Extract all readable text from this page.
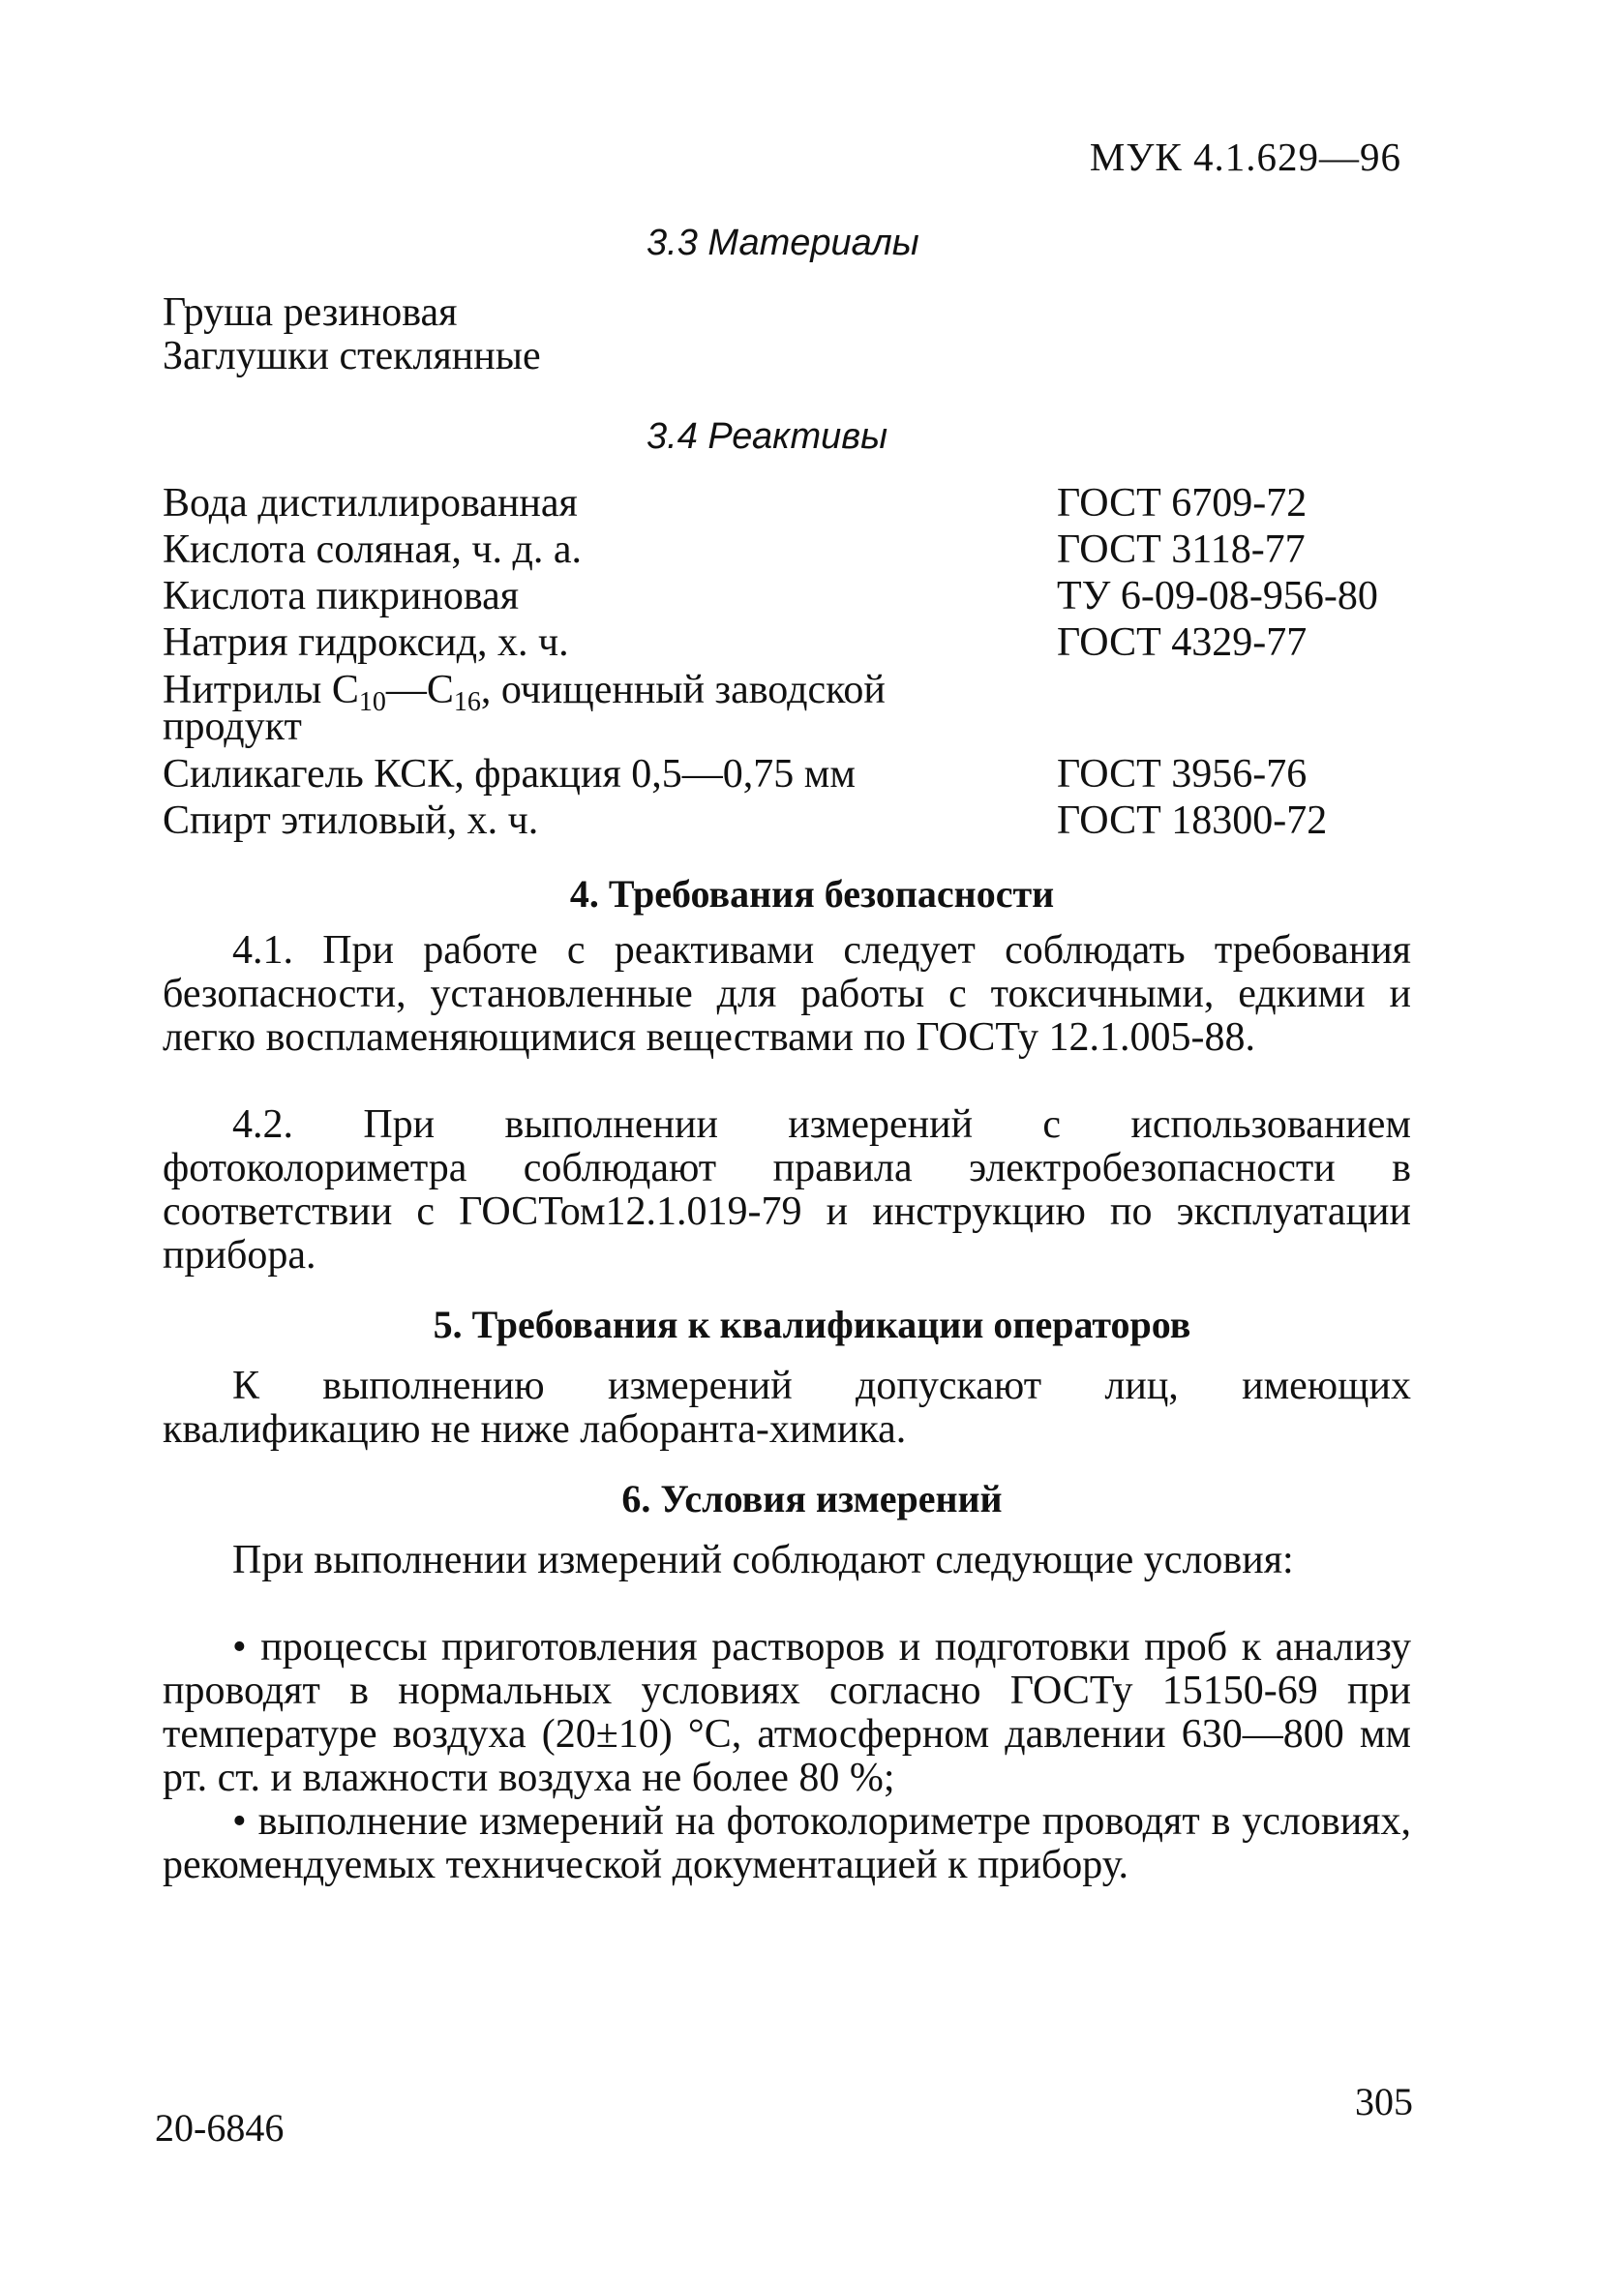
МУК 4.1.629—96
3.3 Материалы
Груша резиновая
Заглушки стеклянные
3.4 Реактивы
Вода дистиллированная	ГОСТ 6709-72
Кислота соляная, ч. д. а.	ГОСТ 3118-77
Кислота пикриновая	ТУ 6-09-08-956-80
Натрия гидроксид, х. ч.	ГОСТ 4329-77
Нитрилы С10—С16, очищенный заводской
продукт
Силикагель КСК, фракция 0,5—0,75 мм	ГОСТ 3956-76
Спирт этиловый, х. ч.	ГОСТ 18300-72
4. Требования безопасности
4.1. При работе с реактивами следует соблюдать требования безопасности, установленные для работы с токсичными, едкими и легко воспламеняющимися веществами по ГОСТу 12.1.005-88.
4.2. При выполнении измерений с использованием фотоколориметра соблюдают правила электробезопасности в соответствии с ГОСТом12.1.019-79 и инструкцию по эксплуатации прибора.
5. Требования к квалификации операторов
К выполнению измерений допускают лиц, имеющих квалификацию не ниже лаборанта-химика.
6. Условия измерений
При выполнении измерений соблюдают следующие условия:
• процессы приготовления растворов и подготовки проб к анализу проводят в нормальных условиях согласно ГОСТу 15150-69 при температуре воздуха (20±10) °С, атмосферном давлении 630—800 мм рт. ст. и влажности воздуха не более 80 %;
• выполнение измерений на фотоколориметре проводят в условиях, рекомендуемых технической документацией к прибору.
20-6846
305
